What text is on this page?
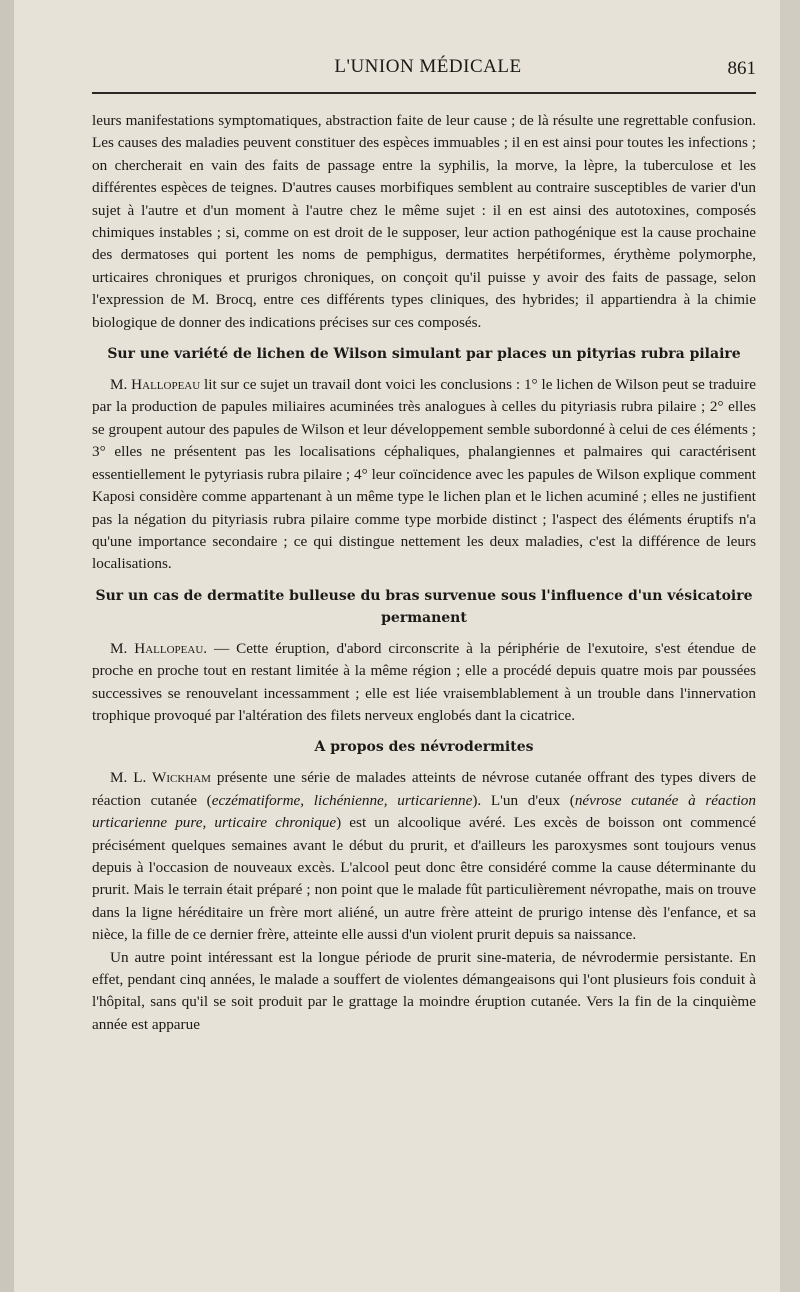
L'UNION MÉDICALE	861

leurs manifestations symptomatiques, abstraction faite de leur cause ; de là résulte une regrettable confusion. Les causes des maladies peuvent constituer des espèces immuables ; il en est ainsi pour toutes les infections ; on chercherait en vain des faits de passage entre la syphilis, la morve, la lèpre, la tuberculose et les différentes espèces de teignes. D'autres causes morbifiques semblent au contraire susceptibles de varier d'un sujet à l'autre et d'un moment à l'autre chez le même sujet : il en est ainsi des autotoxines, composés chimiques instables ; si, comme on est droit de le supposer, leur action pathogénique est la cause prochaine des dermatoses qui portent les noms de pemphigus, dermatites herpétiformes, érythème polymorphe, urticaires chroniques et prurigos chroniques, on conçoit qu'il puisse y avoir des faits de passage, selon l'expression de M. Brocq, entre ces différents types cliniques, des hybrides; il appartiendra à la chimie biologique de donner des indications précises sur ces composés.

Sur une variété de lichen de Wilson simulant par places un pityrias rubra pilaire

M. Hallopeau lit sur ce sujet un travail dont voici les conclusions : 1° le lichen de Wilson peut se traduire par la production de papules miliaires acuminées très analogues à celles du pityriasis rubra pilaire ; 2° elles se groupent autour des papules de Wilson et leur développement semble subordonné à celui de ces éléments ; 3° elles ne présentent pas les localisations céphaliques, phalangiennes et palmaires qui caractérisent essentiellement le pytyriasis rubra pilaire ; 4° leur coïncidence avec les papules de Wilson explique comment Kaposi considère comme appartenant à un même type le lichen plan et le lichen acuminé ; elles ne justifient pas la négation du pityriasis rubra pilaire comme type morbide distinct ; l'aspect des éléments éruptifs n'a qu'une importance secondaire ; ce qui distingue nettement les deux maladies, c'est la différence de leurs localisations.

Sur un cas de dermatite bulleuse du bras survenue sous l'influence d'un vésicatoire permanent

M. Hallopeau. — Cette éruption, d'abord circonscrite à la périphérie de l'exutoire, s'est étendue de proche en proche tout en restant limitée à la même région ; elle a procédé depuis quatre mois par poussées successives se renouvelant incessamment ; elle est liée vraisemblablement à un trouble dans l'innervation trophique provoqué par l'altération des filets nerveux englobés dant la cicatrice.

A propos des névrodermites

M. L. Wickham présente une série de malades atteints de névrose cutanée offrant des types divers de réaction cutanée (eczématiforme, lichénienne, urticarienne). L'un d'eux (névrose cutanée à réaction urticarienne pure, urticaire chronique) est un alcoolique avéré. Les excès de boisson ont commencé précisément quelques semaines avant le début du prurit, et d'ailleurs les paroxysmes sont toujours venus depuis à l'occasion de nouveaux excès. L'alcool peut donc être considéré comme la cause déterminante du prurit. Mais le terrain était préparé ; non point que le malade fût particulièrement névropathe, mais on trouve dans la ligne héréditaire un frère mort aliéné, un autre frère atteint de prurigo intense dès l'enfance, et sa nièce, la fille de ce dernier frère, atteinte elle aussi d'un violent prurit depuis sa naissance.

Un autre point intéressant est la longue période de prurit sine-materia, de névrodermie persistante. En effet, pendant cinq années, le malade a souffert de violentes démangeaisons qui l'ont plusieurs fois conduit à l'hôpital, sans qu'il se soit produit par le grattage la moindre éruption cutanée. Vers la fin de la cinquième année est apparue
